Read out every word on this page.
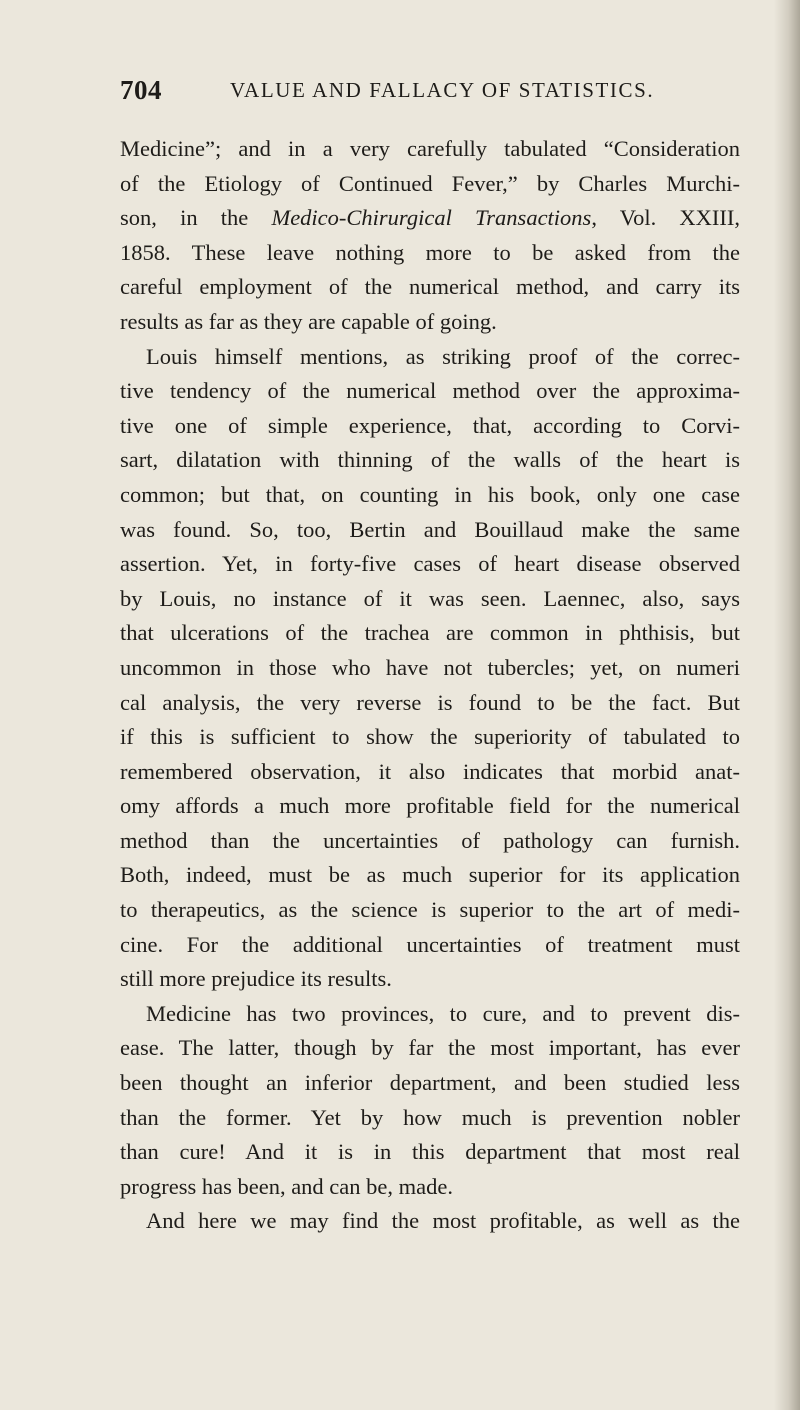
704	VALUE AND FALLACY OF STATISTICS.
Medicine”; and in a very carefully tabulated “Consideration
of the Etiology of Continued Fever,” by Charles Murchi-
son, in the Medico-Chirurgical Transactions, Vol. XXIII,
1858. These leave nothing more to be asked from the
careful employment of the numerical method, and carry its
results as far as they are capable of going.
Louis himself mentions, as striking proof of the correc-
tive tendency of the numerical method over the approxima-
tive one of simple experience, that, according to Corvi-
sart, dilatation with thinning of the walls of the heart is
common; but that, on counting in his book, only one case
was found. So, too, Bertin and Bouillaud make the same
assertion. Yet, in forty-five cases of heart disease observed
by Louis, no instance of it was seen. Laennec, also, says
that ulcerations of the trachea are common in phthisis, but
uncommon in those who have not tubercles; yet, on numeri
cal analysis, the very reverse is found to be the fact. But
if this is sufficient to show the superiority of tabulated to
remembered observation, it also indicates that morbid anat-
omy affords a much more profitable field for the numerical
method than the uncertainties of pathology can furnish.
Both, indeed, must be as much superior for its application
to therapeutics, as the science is superior to the art of medi-
cine. For the additional uncertainties of treatment must
still more prejudice its results.
Medicine has two provinces, to cure, and to prevent dis-
ease. The latter, though by far the most important, has ever
been thought an inferior department, and been studied less
than the former. Yet by how much is prevention nobler
than cure! And it is in this department that most real
progress has been, and can be, made.
And here we may find the most profitable, as well as the
